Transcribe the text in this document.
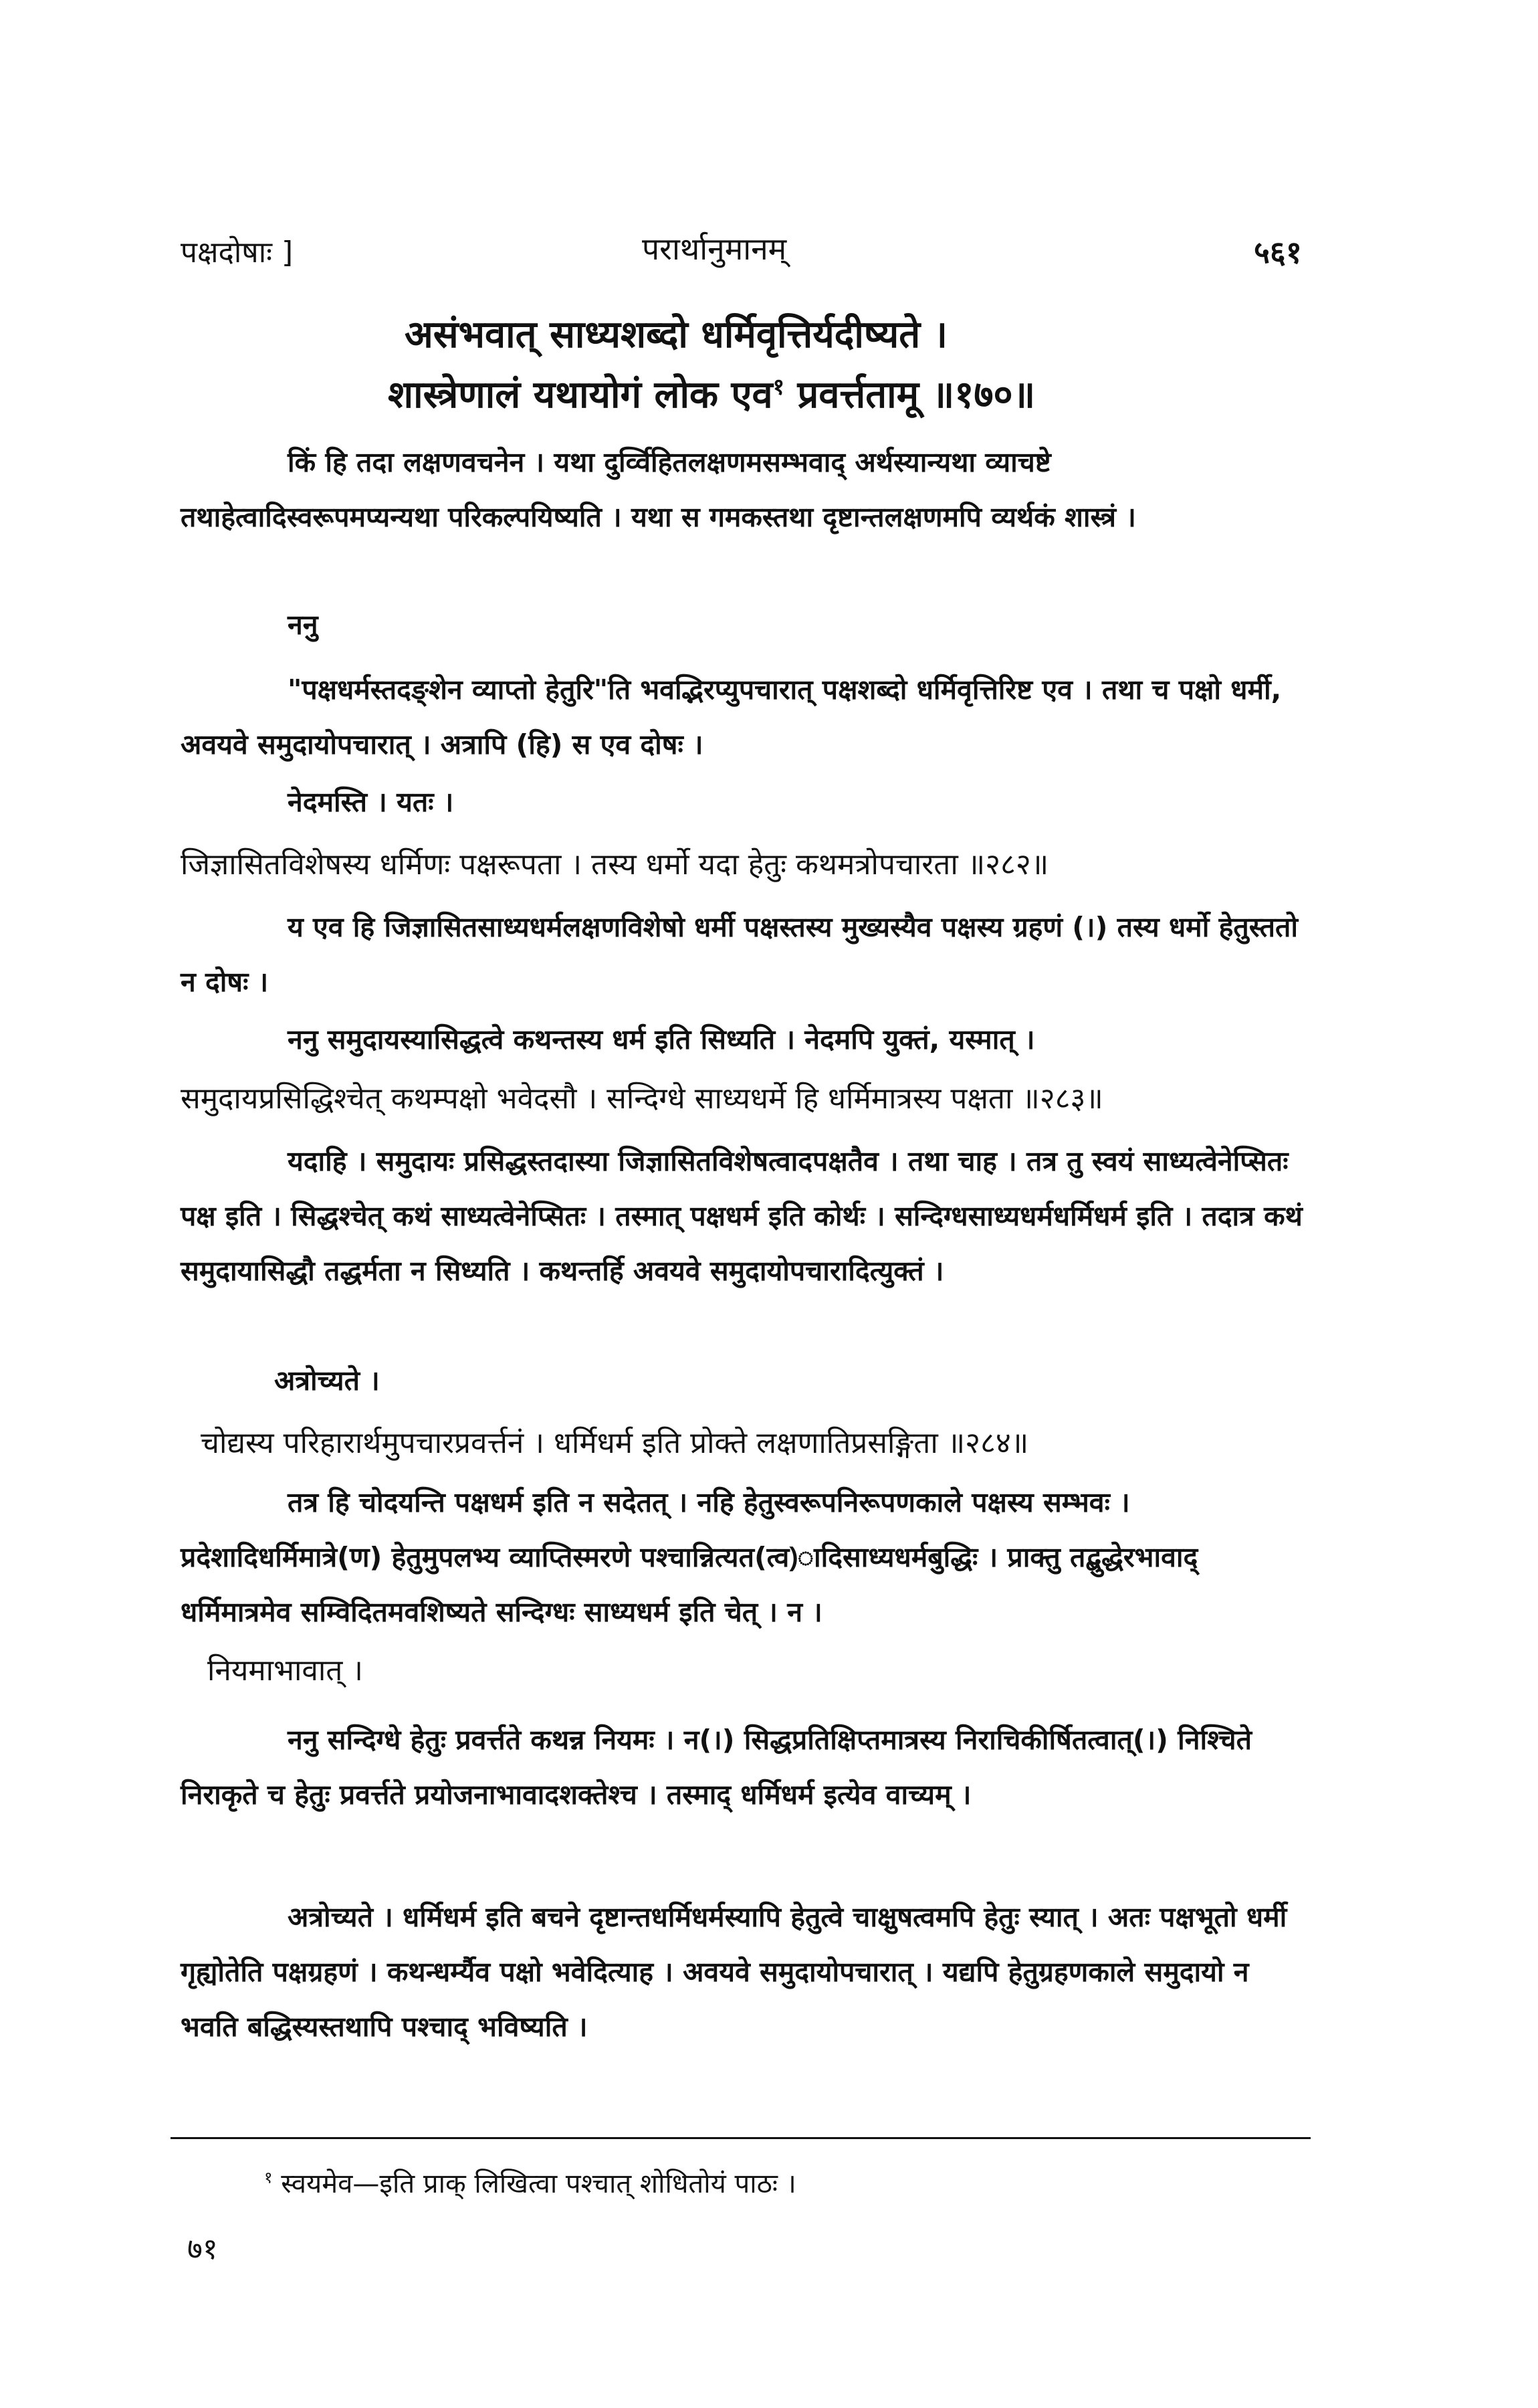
पक्षदोषाः ]	परार्थानुमानम्	५६१
असंभवात् साध्यशब्दो धर्मिवृत्तिर्यदीष्यते ।
शास्त्रेणालं यथायोगं लोक एव$^१$ प्रवर्त्ततामू ॥१७०॥
किं हि तदा लक्षणवचनेन । यथा दुर्व्विहितलक्षणमसम्भवाद् अर्थस्यान्यथा व्याचष्टे तथाहेत्वादिस्वरूपमप्यन्यथा परिकल्पयिष्यति । यथा स गमकस्तथा दृष्टान्तलक्षणमपि व्यर्थकं शास्त्रं ।
ननु
"पक्षधर्मस्तदङ्शेन व्याप्तो हेतुरि"ति भवद्भिरप्युपचारात् पक्षशब्दो धर्मिवृत्तिरिष्ट एव । तथा च पक्षो धर्मी, अवयवे समुदायोपचारात् । अत्रापि (हि) स एव दोषः ।
नेदमस्ति । यतः ।
जिज्ञासितविशेषस्य धर्मिणः पक्षरूपता । तस्य धर्मो यदा हेतुः कथमत्रोपचारता ॥२८२॥
य एव हि जिज्ञासितसाध्यधर्मलक्षणविशेषो धर्मी पक्षस्तस्य मुख्यस्यैव पक्षस्य ग्रहणं (।) तस्य धर्मो हेतुस्ततो न दोषः ।
ननु समुदायस्यासिद्धत्वे कथन्तस्य धर्म इति सिध्यति । नेदमपि युक्तं, यस्मात् ।
समुदायप्रसिद्धिश्चेत् कथम्पक्षो भवेदसौ । सन्दिग्धे साध्यधर्मे हि धर्मिमात्रस्य पक्षता ॥२८३॥
यदाहि । समुदायः प्रसिद्धस्तदास्या जिज्ञासितविशेषत्वादपक्षतैव । तथा चाह । तत्र तु स्वयं साध्यत्वेनेप्सितः पक्ष इति । सिद्धश्चेत् कथं साध्यत्वेनेप्सितः । तस्मात् पक्षधर्म इति कोर्थः । सन्दिग्धसाध्यधर्मधर्मिधर्म इति । तदात्र कथं समुदायासिद्धौ तद्धर्मता न सिध्यति । कथन्तर्हि अवयवे समुदायोपचारादित्युक्तं ।
अत्रोच्यते ।
चोद्यस्य परिहारार्थमुपचारप्रवर्त्तनं । धर्मिधर्म इति प्रोक्ते लक्षणातिप्रसङ्गिता ॥२८४॥
तत्र हि चोदयन्ति पक्षधर्म इति न सदेतत् । नहि हेतुस्वरूपनिरूपणकाले पक्षस्य सम्भवः । प्रदेशादिधर्मिमात्रे(ण) हेतुमुपलभ्य व्याप्तिस्मरणे पश्चान्नित्यत(त्व)ादिसाध्यधर्मबुद्धिः । प्राक्तु तद्बुद्धेरभावाद् धर्मिमात्रमेव सम्विदितमवशिष्यते सन्दिग्धः साध्यधर्म इति चेत् । न ।
नियमाभावात् ।
ननु सन्दिग्धे हेतुः प्रवर्त्तते कथन्न नियमः । न(।) सिद्धप्रतिक्षिप्तमात्रस्य निराचिकीर्षितत्वात्(।) निश्चिते निराकृते च हेतुः प्रवर्त्तते प्रयोजनाभावादशक्तेश्च । तस्माद् धर्मिधर्म इत्येव वाच्यम् ।
अत्रोच्यते । धर्मिधर्म इति बचने दृष्टान्तधर्मिधर्मस्यापि हेतुत्वे चाक्षुषत्वमपि हेतुः स्यात् । अतः पक्षभूतो धर्मी गृह्योतेति पक्षग्रहणं । कथन्धर्म्यैव पक्षो भवेदित्याह । अवयवे समुदायोपचारात् । यद्यपि हेतुग्रहणकाले समुदायो न भवति बद्धिस्यस्तथापि पश्चाद् भविष्यति ।
$^१$ स्वयमेव—इति प्राक् लिखित्वा पश्चात् शोधितोयं पाठः ।
७१
